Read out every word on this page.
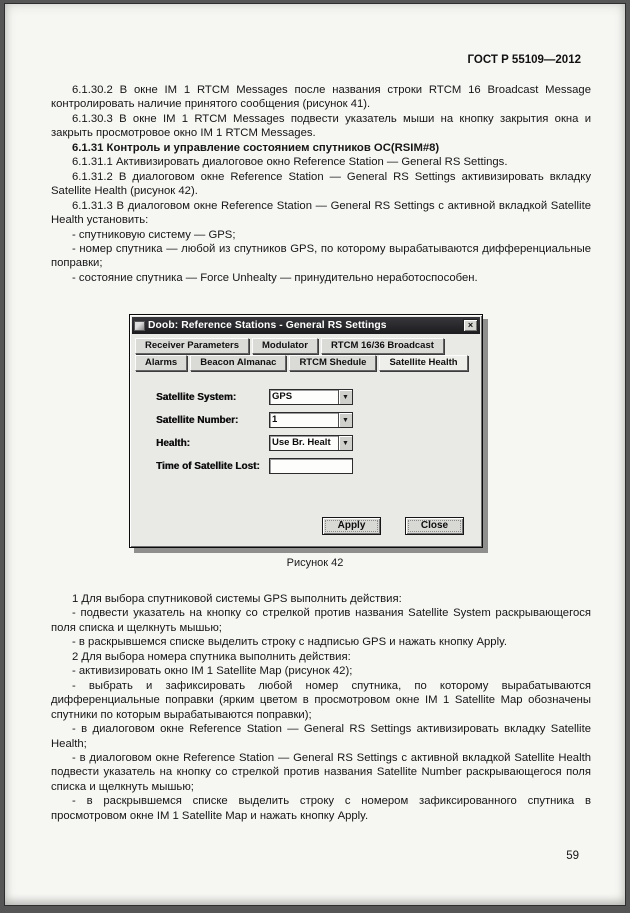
ГОСТ Р 55109—2012

6.1.30.2 В окне IM 1 RTCM Messages после названия строки RTCM 16 Broadcast Message контролировать наличие принятого сообщения (рисунок 41).

6.1.30.3 В окне IM 1 RTCM Messages подвести указатель мыши на кнопку закрытия окна и закрыть просмотровое окно IM 1 RTCM Messages.

6.1.31 Контроль и управление состоянием спутников ОС(RSIM#8)

6.1.31.1 Активизировать диалоговое окно Reference Station — General RS Settings.

6.1.31.2 В диалоговом окне Reference Station — General RS Settings активизировать вкладку Satellite Health (рисунок 42).

6.1.31.3 В диалоговом окне Reference Station — General RS Settings с активной вкладкой Satellite Health установить:

- спутниковую систему — GPS;

- номер спутника — любой из спутников GPS, по которому вырабатываются дифференциальные поправки;

- состояние спутника — Force Unhealty — принудительно неработоспособен.

Doob: Reference Stations - General RS Settings	×
Receiver Parameters	Modulator	RTCM 16/36 Broadcast
Alarms	Beacon Almanac	RTCM Shedule	Satellite Health
Satellite System:	GPS	▼
Satellite Number:	1	▼
Health:	Use Br. Healt	▼
Time of Satellite Lost:
Apply	Close
Рисунок 42

1 Для выбора спутниковой системы GPS выполнить действия:

- подвести указатель на кнопку со стрелкой против названия Satellite System раскрывающегося поля списка и щелкнуть мышью;

- в раскрывшемся списке выделить строку с надписью GPS и нажать кнопку Apply.

2 Для выбора номера спутника выполнить действия:

- активизировать окно IM 1 Satellite Map (рисунок 42);

- выбрать и зафиксировать любой номер спутника, по которому вырабатываются дифференциальные поправки (ярким цветом в просмотровом окне IM 1 Satellite Map обозначены спутники по которым вырабатываются поправки);

- в диалоговом окне Reference Station — General RS Settings активизировать вкладку Satellite Health;

- в диалоговом окне Reference Station — General RS Settings с активной вкладкой Satellite Health подвести указатель на кнопку со стрелкой против названия Satellite Number раскрывающегося поля списка и щелкнуть мышью;

- в раскрывшемся списке выделить строку с номером зафиксированного спутника в просмотровом окне IM 1 Satellite Map и нажать кнопку Apply.

59
